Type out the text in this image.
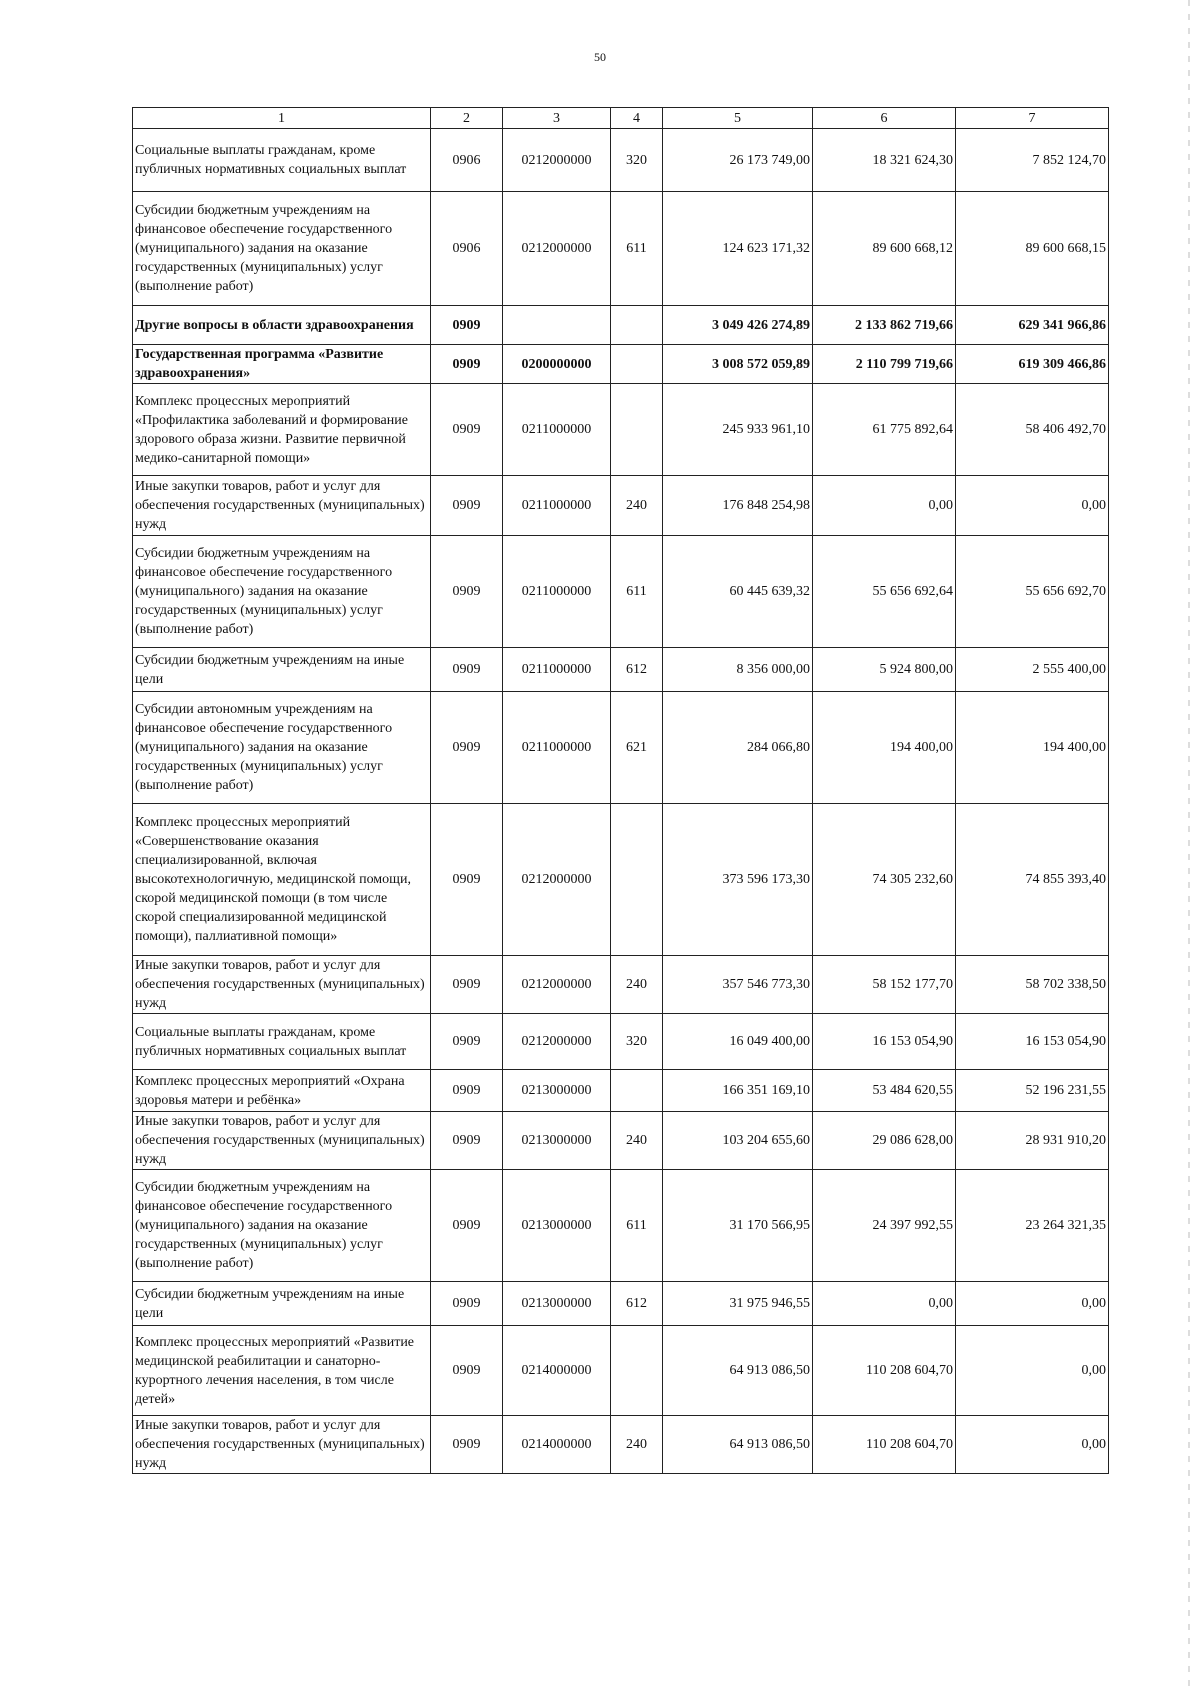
50
1	2	3	4	5	6	7
Социальные выплаты гражданам, кроме публичных нормативных социальных выплат	0906	0212000000	320	26 173 749,00	18 321 624,30	7 852 124,70
Субсидии бюджетным учреждениям на финансовое обеспечение государственного (муниципального) задания на оказание государственных (муниципальных) услуг (выполнение работ)	0906	0212000000	611	124 623 171,32	89 600 668,12	89 600 668,15
Другие вопросы в области здравоохранения	0909			3 049 426 274,89	2 133 862 719,66	629 341 966,86
Государственная программа «Развитие здравоохранения»	0909	0200000000		3 008 572 059,89	2 110 799 719,66	619 309 466,86
Комплекс процессных мероприятий «Профилактика заболеваний и формирование здорового образа жизни. Развитие первичной медико-санитарной помощи»	0909	0211000000		245 933 961,10	61 775 892,64	58 406 492,70
Иные закупки товаров, работ и услуг для обеспечения государственных (муниципальных) нужд	0909	0211000000	240	176 848 254,98	0,00	0,00
Субсидии бюджетным учреждениям на финансовое обеспечение государственного (муниципального) задания на оказание государственных (муниципальных) услуг (выполнение работ)	0909	0211000000	611	60 445 639,32	55 656 692,64	55 656 692,70
Субсидии бюджетным учреждениям на иные цели	0909	0211000000	612	8 356 000,00	5 924 800,00	2 555 400,00
Субсидии автономным учреждениям на финансовое обеспечение государственного (муниципального) задания на оказание государственных (муниципальных) услуг (выполнение работ)	0909	0211000000	621	284 066,80	194 400,00	194 400,00
Комплекс процессных мероприятий «Совершенствование оказания специализированной, включая высокотехнологичную, медицинской помощи, скорой медицинской помощи (в том числе скорой специализированной медицинской помощи), паллиативной помощи»	0909	0212000000		373 596 173,30	74 305 232,60	74 855 393,40
Иные закупки товаров, работ и услуг для обеспечения государственных (муниципальных) нужд	0909	0212000000	240	357 546 773,30	58 152 177,70	58 702 338,50
Социальные выплаты гражданам, кроме публичных нормативных социальных выплат	0909	0212000000	320	16 049 400,00	16 153 054,90	16 153 054,90
Комплекс процессных мероприятий «Охрана здоровья матери и ребёнка»	0909	0213000000		166 351 169,10	53 484 620,55	52 196 231,55
Иные закупки товаров, работ и услуг для обеспечения государственных (муниципальных) нужд	0909	0213000000	240	103 204 655,60	29 086 628,00	28 931 910,20
Субсидии бюджетным учреждениям на финансовое обеспечение государственного (муниципального) задания на оказание государственных (муниципальных) услуг (выполнение работ)	0909	0213000000	611	31 170 566,95	24 397 992,55	23 264 321,35
Субсидии бюджетным учреждениям на иные цели	0909	0213000000	612	31 975 946,55	0,00	0,00
Комплекс процессных мероприятий «Развитие медицинской реабилитации и санаторно-курортного лечения населения, в том числе детей»	0909	0214000000		64 913 086,50	110 208 604,70	0,00
Иные закупки товаров, работ и услуг для обеспечения государственных (муниципальных) нужд	0909	0214000000	240	64 913 086,50	110 208 604,70	0,00
